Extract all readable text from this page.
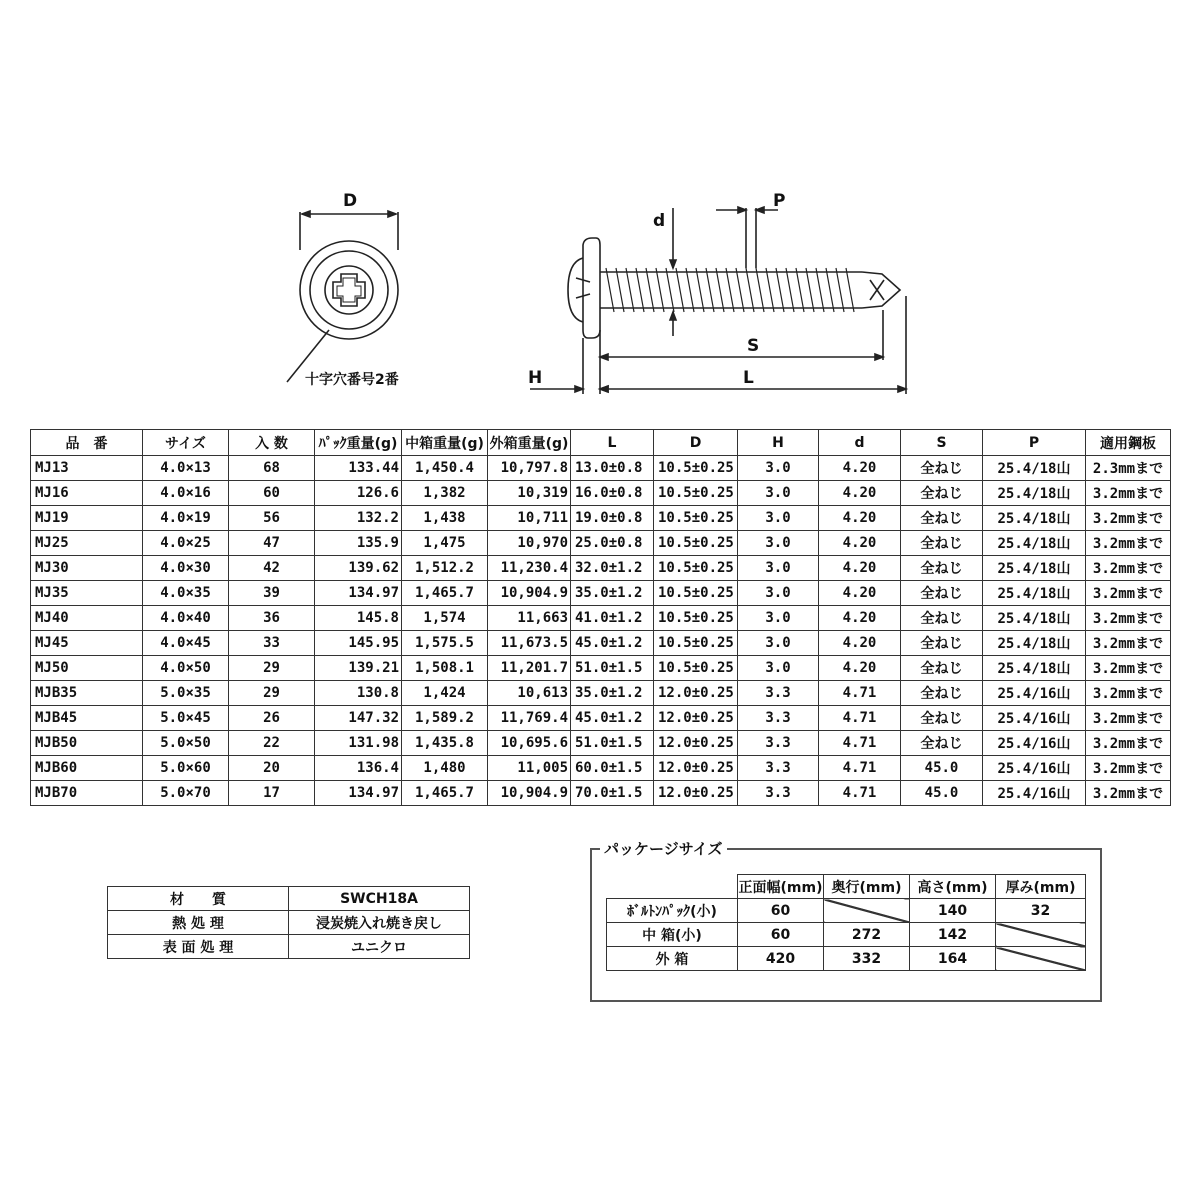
D
d
P
S
L
H
十字穴番号2番
品　番	サイズ	入 数	ﾊﾟｯｸ重量(g)	中箱重量(g)	外箱重量(g)	L	D	H	d	S	P	適用鋼板
MJ13	4.0×13	68	133.44	1,450.4	10,797.8	13.0±0.8	10.5±0.25	3.0	4.20	全ねじ	25.4/18山	2.3mmまで
MJ16	4.0×16	60	126.6	1,382	10,319	16.0±0.8	10.5±0.25	3.0	4.20	全ねじ	25.4/18山	3.2mmまで
MJ19	4.0×19	56	132.2	1,438	10,711	19.0±0.8	10.5±0.25	3.0	4.20	全ねじ	25.4/18山	3.2mmまで
MJ25	4.0×25	47	135.9	1,475	10,970	25.0±0.8	10.5±0.25	3.0	4.20	全ねじ	25.4/18山	3.2mmまで
MJ30	4.0×30	42	139.62	1,512.2	11,230.4	32.0±1.2	10.5±0.25	3.0	4.20	全ねじ	25.4/18山	3.2mmまで
MJ35	4.0×35	39	134.97	1,465.7	10,904.9	35.0±1.2	10.5±0.25	3.0	4.20	全ねじ	25.4/18山	3.2mmまで
MJ40	4.0×40	36	145.8	1,574	11,663	41.0±1.2	10.5±0.25	3.0	4.20	全ねじ	25.4/18山	3.2mmまで
MJ45	4.0×45	33	145.95	1,575.5	11,673.5	45.0±1.2	10.5±0.25	3.0	4.20	全ねじ	25.4/18山	3.2mmまで
MJ50	4.0×50	29	139.21	1,508.1	11,201.7	51.0±1.5	10.5±0.25	3.0	4.20	全ねじ	25.4/18山	3.2mmまで
MJB35	5.0×35	29	130.8	1,424	10,613	35.0±1.2	12.0±0.25	3.3	4.71	全ねじ	25.4/16山	3.2mmまで
MJB45	5.0×45	26	147.32	1,589.2	11,769.4	45.0±1.2	12.0±0.25	3.3	4.71	全ねじ	25.4/16山	3.2mmまで
MJB50	5.0×50	22	131.98	1,435.8	10,695.6	51.0±1.5	12.0±0.25	3.3	4.71	全ねじ	25.4/16山	3.2mmまで
MJB60	5.0×60	20	136.4	1,480	11,005	60.0±1.5	12.0±0.25	3.3	4.71	45.0	25.4/16山	3.2mmまで
MJB70	5.0×70	17	134.97	1,465.7	10,904.9	70.0±1.5	12.0±0.25	3.3	4.71	45.0	25.4/16山	3.2mmまで
材　　質	SWCH18A
熱 処 理	浸炭焼入れ焼き戻し
表 面 処 理	ユニクロ
パッケージサイズ
	正面幅(mm)	奥行(mm)	高さ(mm)	厚み(mm)
ﾎﾞﾙﾄﾝﾊﾟｯｸ(小)	60		140	32
中 箱(小)	60	272	142	
外 箱	420	332	164	
